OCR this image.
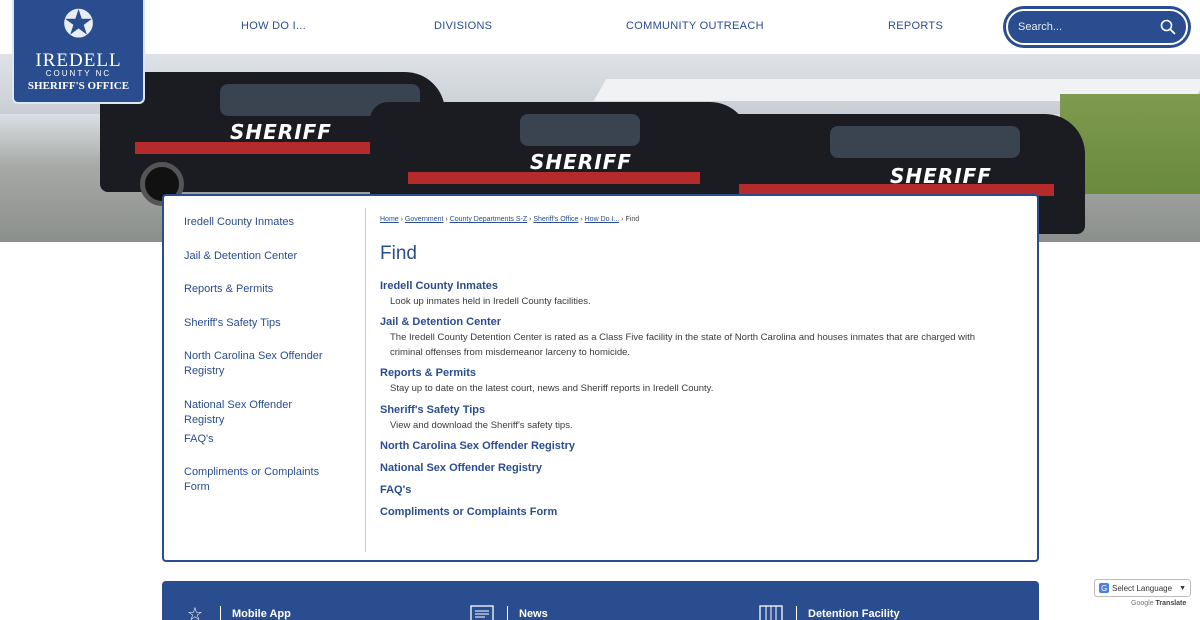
✪
IREDELL
COUNTY NC
SHERIFF'S OFFICE
HOW DO I...	DIVISIONS	COMMUNITY OUTREACH	REPORTS
Search...
SHERIFF
SHERIFF
SHERIFF
Iredell County Inmates
Jail & Detention Center
Reports & Permits
Sheriff's Safety Tips
North Carolina Sex Offender Registry
National Sex Offender Registry
FAQ's
Compliments or Complaints Form
Home › Government › County Departments S-Z › Sheriff's Office › How Do I... › Find
Find
Iredell County Inmates
Look up inmates held in Iredell County facilities.
Jail & Detention Center
The Iredell County Detention Center is rated as a Class Five facility in the state of North Carolina and houses inmates that are charged with criminal offenses from misdemeanor larceny to homicide.
Reports & Permits
Stay up to date on the latest court, news and Sheriff reports in Iredell County.
Sheriff's Safety Tips
View and download the Sheriff's safety tips.
North Carolina Sex Offender Registry
National Sex Offender Registry
FAQ's
Compliments or Complaints Form
☆	Mobile App	News	Detention Facility
G Select Language ▼
Google Translate
